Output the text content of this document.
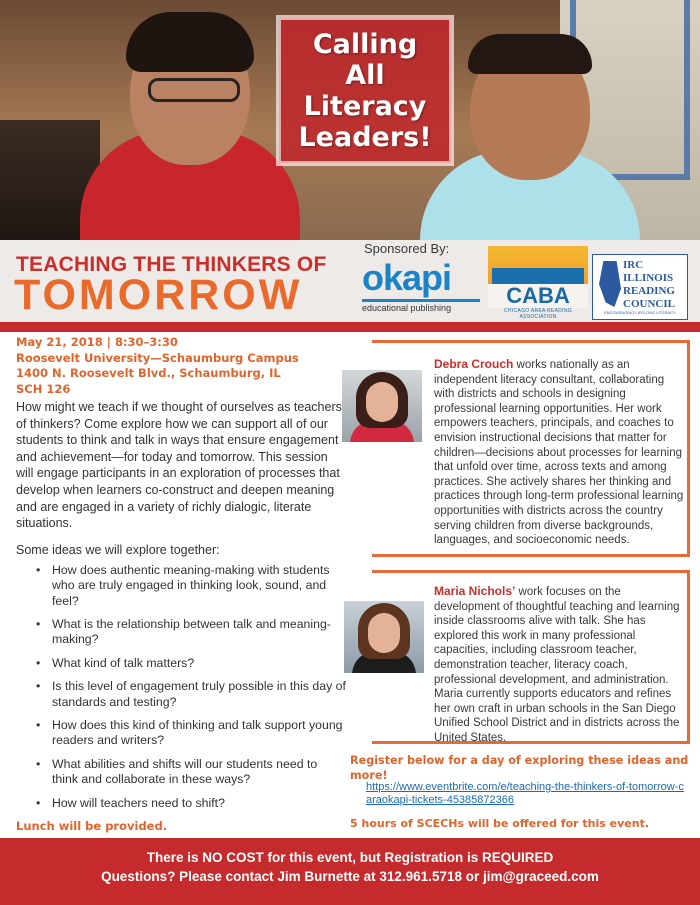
Calling
All
Literacy
Leaders!
TEACHING THE THINKERS OF
TOMORROW
Sponsored By:
okapi
educational publishing	CABA
CHICAGO AREA READING ASSOCIATION
IRC ILLINOIS
READING
COUNCIL
ENCOURAGING LIFELONG LITERACY
May 21, 2018 | 8:30–3:30
Roosevelt University—Schaumburg Campus
1400 N. Roosevelt Blvd., Schaumburg, IL
SCH 126

How might we teach if we thought of ourselves as teachers of thinkers? Come explore how we can support all of our students to think and talk in ways that ensure engagement and achievement—for today and tomorrow. This session will engage participants in an exploration of processes that develop when learners co-construct and deepen meaning and are engaged in a variety of richly dialogic, literate situations.

Some ideas we will explore together:

• How does authentic meaning-making with students who are truly engaged in thinking look, sound, and feel?
• What is the relationship between talk and meaning-making?
• What kind of talk matters?
• Is this level of engagement truly possible in this day of standards and testing?
• How does this kind of thinking and talk support young readers and writers?
• What abilities and shifts will our students need to think and collaborate in these ways?
• How will teachers need to shift?
Lunch will be provided.

Debra Crouch works nationally as an independent literacy consultant, collaborating with districts and schools in designing professional learning opportunities. Her work empowers teachers, principals, and coaches to envision instructional decisions that matter for children—decisions about processes for learning that unfold over time, across texts and among practices. She actively shares her thinking and practices through long-term professional learning opportunities with districts across the country serving children from diverse backgrounds, languages, and socioeconomic needs.

Maria Nichols’ work focuses on the development of thoughtful teaching and learning inside classrooms alive with talk. She has explored this work in many professional capacities, including classroom teacher, demonstration teacher, literacy coach, professional development, and administration. Maria currently supports educators and refines her own craft in urban schools in the San Diego Unified School District and in districts across the United States.

Register below for a day of exploring these ideas and more!
https://www.eventbrite.com/e/teaching-the-thinkers-of-tomorrow-caraokapi-tickets-45385872366
5 hours of SCECHs will be offered for this event.
There is NO COST for this event, but Registration is REQUIRED
Questions? Please contact Jim Burnette at 312.961.5718 or jim@graceed.com
